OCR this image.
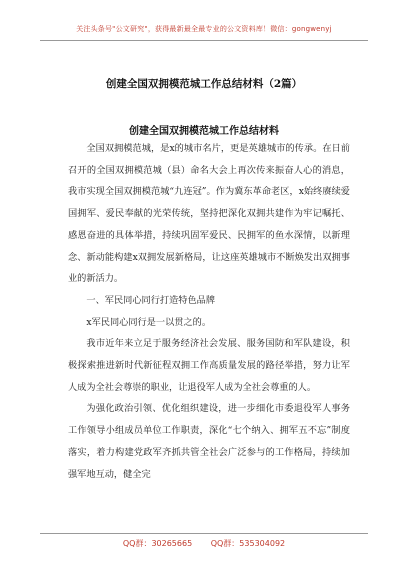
关注头条号"公文研究"，获得最新最全最专业的公文资料库！微信：gongwenyj
创建全国双拥模范城工作总结材料（2篇）
创建全国双拥模范城工作总结材料

全国双拥模范城，是x的城市名片，更是英雄城市的传承。在日前召开的全国双拥模范城（县）命名大会上再次传来振奋人心的消息，我市实现全国双拥模范城“九连冠”。作为冀东革命老区，x始终赓续爱国拥军、爱民奉献的光荣传统，坚持把深化双拥共建作为牢记嘱托、感恩奋进的具体举措，持续巩固军爱民、民拥军的鱼水深情，以新理念、新动能构建x双拥发展新格局，让这座英雄城市不断焕发出双拥事业的新活力。

一、军民同心同行打造特色品牌

x军民同心同行是一以贯之的。

我市近年来立足于服务经济社会发展、服务国防和军队建设，积极探索推进新时代新征程双拥工作高质量发展的路径举措，努力让军人成为全社会尊崇的职业，让退役军人成为全社会尊重的人。

为强化政治引领、优化组织建设，进一步细化市委退役军人事务工作领导小组成员单位工作职责，深化“七个纳入、拥军五不忘”制度落实，着力构建党政军齐抓共管全社会广泛参与的工作格局，持续加强军地互动，健全完

QQ群：30265665 QQ群：535304092
